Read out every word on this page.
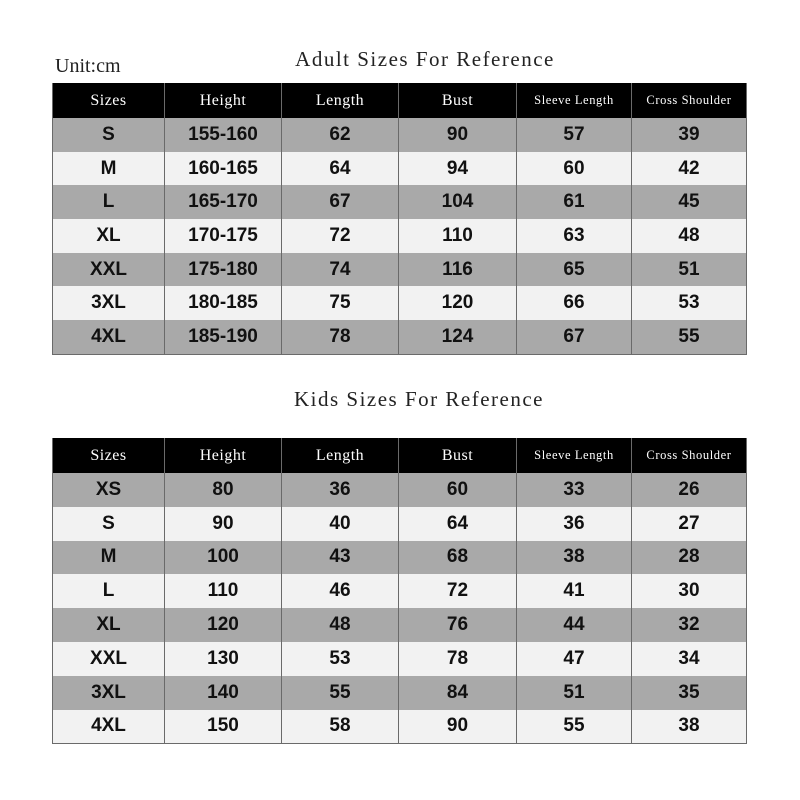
Unit:cm	Adult Sizes For Reference
Sizes	Height	Length	Bust	Sleeve Length	Cross Shoulder
S	155-160	62	90	57	39
M	160-165	64	94	60	42
L	165-170	67	104	61	45
XL	170-175	72	110	63	48
XXL	175-180	74	116	65	51
3XL	180-185	75	120	66	53
4XL	185-190	78	124	67	55
Kids Sizes For Reference
Sizes	Height	Length	Bust	Sleeve Length	Cross Shoulder
XS	80	36	60	33	26
S	90	40	64	36	27
M	100	43	68	38	28
L	110	46	72	41	30
XL	120	48	76	44	32
XXL	130	53	78	47	34
3XL	140	55	84	51	35
4XL	150	58	90	55	38
